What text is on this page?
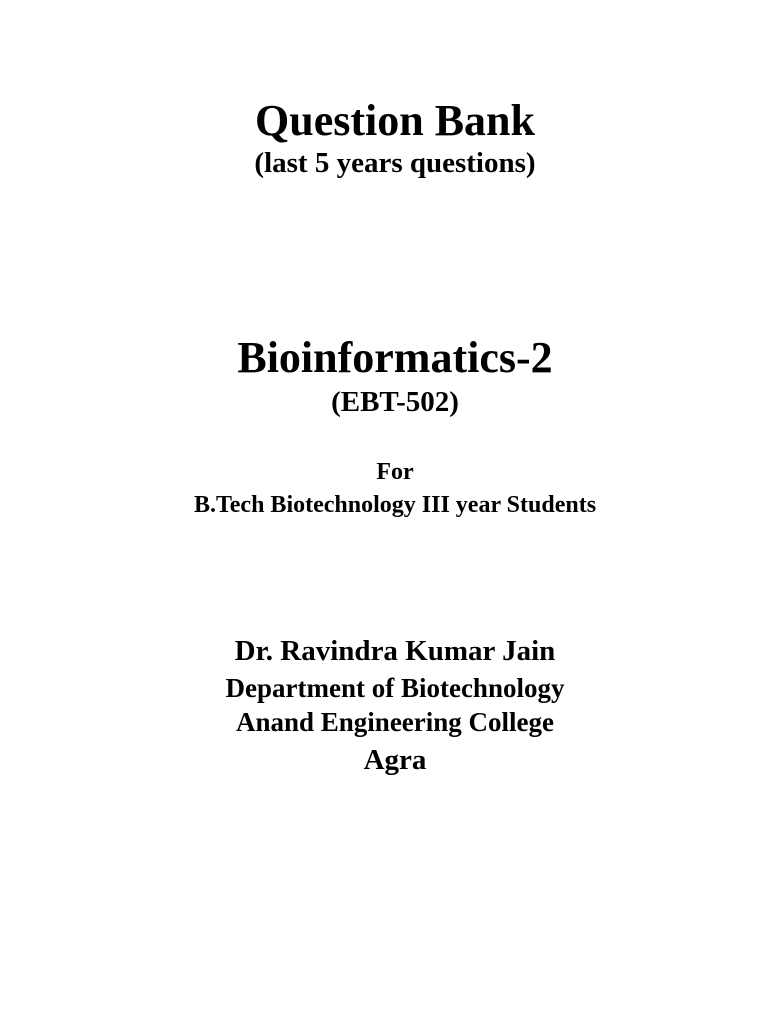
Question Bank
(last 5 years questions)
Bioinformatics-2
(EBT-502)
For
B.Tech Biotechnology III year Students
Dr. Ravindra Kumar Jain
Department of Biotechnology
Anand Engineering College
Agra
